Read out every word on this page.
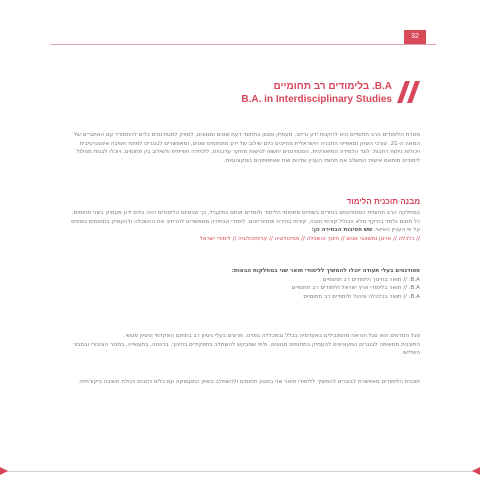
32
B.A. בלימודים רב תחומיים
B.A. in Interdisciplinary Studies

מטרת הלימודים הרב תחומיים היא להקנות ידע נרחב, מעמיק ומגוון בתחומי דעת שונים ומגוונים, לספק לסטודנטים כלים להתמודד עם האתגרים של המאה ה-21. צורכי השוק ומאפייני החברה הישראלית מחייבים כיום שילוב של ידע מתחומים שונים, ומאפשרים לבוגרים לפתח חשיבה אינטגרטיבית ויכולות ניתוח רחבות. לצד הלמידה התיאורטית, הסטודנטים יחשפו לגישות מחקר עדכניות, ללמידה חווייתית ולשילוב בין תחומים, ויוכלו לבנות מסלול לימודים מותאם אישית המשלב את תחומי העניין שלהם ואת שאיפותיהם המקצועיות.

מבנה תוכנית הלימוד

במחלקה הרב תחומית הסטודנטים בוחרים בשתיים מתחומי הלימוד ולומדים אותם במקביל, כך שבסיום הלימודים יהיה בידם ידע מעמיק בשני תחומים. כל תחום נלמד בהיקף מלא הכולל קורסי חובה, קורסי בחירה וסמינריונים. לימודי הבחירה מאפשרים להרחיב את ההשכלה ולהעמיק בתחומים נוספים על פי העניין האישי. שש חטיבות הבחירה הן:

// כלכלה // ארגון ומשאבי אנוש // חינוך והשכלה // פסיכולוגיה // קרימינולוגיה // לימודי ישראל

סטודנטים בעלי תעודה יוכלו להמשיך ללימודי תואר שני במחלקות הבאות:

B.A. // תואר בחינוך ולימודים רב תחומיים
B.A. // תואר בלימודי ארץ ישראל ולימודים רב תחומיים
B.A. // תואר בכלכלה וניהול ולימודים רב תחומיים

סגל המרצים הוא סגל הוראה מהמובילים באקדמיה בכלל ובמכללה בפרט. מרצים בעלי ניסיון רב בתחום האקדמי וניסיון מעשי.

התוכנית מתאימה לבוגרים המעוניינים להעמיק בתחומים מגוונים, ולמי שמבקש להשתלב בתפקידים בחינוך, ברווחה, בתעשייה, במגזר הציבורי ובמגזר השלישי.

תוכנית הלימודים מאפשרת לבוגרים להמשיך ללימודי תואר שני במגוון תחומים ולהשתלב בשוק התעסוקה עם כלים רחבים ויכולת חשיבה ביקורתית.
